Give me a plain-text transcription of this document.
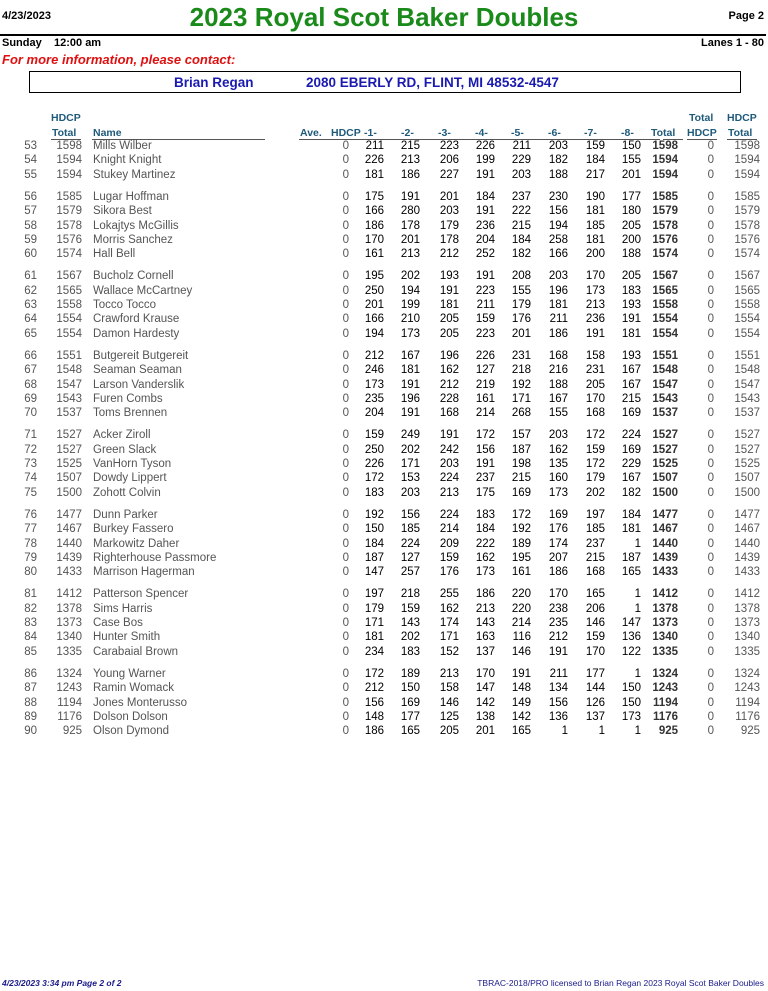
4/23/2023	2023 Royal Scot Baker Doubles	Page 2
Sunday 12:00 am	Lanes 1 - 80
For more information, please contact:
Brian Regan	2080 EBERLY RD, FLINT, MI 48532-4547
HDCP
Total Name	Ave. HDCP -1- -2- -3- -4- -5- -6- -7- -8- Total
Total
HDCP
HDCP
Total
53 1598 Mills Wilber	0 211 215 223 226 211 203 159 150 1598	0 1598
54 1594 Knight Knight	0 226 213 206 199 229 182 184 155 1594	0 1594
55 1594 Stukey Martinez	0 181 186 227 191 203 188 217 201 1594	0 1594
56 1585 Lugar Hoffman	0 175 191 201 184 237 230 190 177 1585	0 1585
57 1579 Sikora Best	0 166 280 203 191 222 156 181 180 1579	0 1579
58 1578 Lokajtys McGillis	0 186 178 179 236 215 194 185 205 1578	0 1578
59 1576 Morris Sanchez	0 170 201 178 204 184 258 181 200 1576	0 1576
60 1574 Hall Bell	0 161 213 212 252 182 166 200 188 1574	0 1574
61 1567 Bucholz Cornell	0 195 202 193 191 208 203 170 205 1567	0 1567
62 1565 Wallace McCartney	0 250 194 191 223 155 196 173 183 1565	0 1565
63 1558 Tocco Tocco	0 201 199 181 211 179 181 213 193 1558	0 1558
64 1554 Crawford Krause	0 166 210 205 159 176 211 236 191 1554	0 1554
65 1554 Damon Hardesty	0 194 173 205 223 201 186 191 181 1554	0 1554
66 1551 Butgereit Butgereit	0 212 167 196 226 231 168 158 193 1551	0 1551
67 1548 Seaman Seaman	0 246 181 162 127 218 216 231 167 1548	0 1548
68 1547 Larson Vanderslik	0 173 191 212 219 192 188 205 167 1547	0 1547
69 1543 Furen Combs	0 235 196 228 161 171 167 170 215 1543	0 1543
70 1537 Toms Brennen	0 204 191 168 214 268 155 168 169 1537	0 1537
71 1527 Acker Ziroll	0 159 249 191 172 157 203 172 224 1527	0 1527
72 1527 Green Slack	0 250 202 242 156 187 162 159 169 1527	0 1527
73 1525 VanHorn Tyson	0 226 171 203 191 198 135 172 229 1525	0 1525
74 1507 Dowdy Lippert	0 172 153 224 237 215 160 179 167 1507	0 1507
75 1500 Zohott Colvin	0 183 203 213 175 169 173 202 182 1500	0 1500
76 1477 Dunn Parker	0 192 156 224 183 172 169 197 184 1477	0 1477
77 1467 Burkey Fassero	0 150 185 214 184 192 176 185 181 1467	0 1467
78 1440 Markowitz Daher	0 184 224 209 222 189 174 237	1 1440	0 1440
79 1439 Righterhouse Passmore	0 187 127 159 162 195 207 215 187 1439	0 1439
80 1433 Marrison Hagerman	0 147 257 176 173 161 186 168 165 1433	0 1433
81 1412 Patterson Spencer	0 197 218 255 186 220 170 165	1 1412	0 1412
82 1378 Sims Harris	0 179 159 162 213 220 238 206	1 1378	0 1378
83 1373 Case Bos	0 171 143 174 143 214 235 146 147 1373	0 1373
84 1340 Hunter Smith	0 181 202 171 163 116 212 159 136 1340	0 1340
85 1335 Carabaial Brown	0 234 183 152 137 146 191 170 122 1335	0 1335
86 1324 Young Warner	0 172 189 213 170 191 211 177	1 1324	0 1324
87 1243 Ramin Womack	0 212 150 158 147 148 134 144 150 1243	0 1243
88 1194 Jones Monterusso	0 156 169 146 142 149 156 126 150 1194	0 1194
89 1176 Dolson Dolson	0 148 177 125 138 142 136 137 173 1176	0 1176
90 925 Olson Dymond	0 186 165 205 201 165	1	1	1 925	0 925
4/23/2023 3:34 pm Page 2 of 2	TBRAC-2018/PRO licensed to Brian Regan 2023 Royal Scot Baker Doubles
